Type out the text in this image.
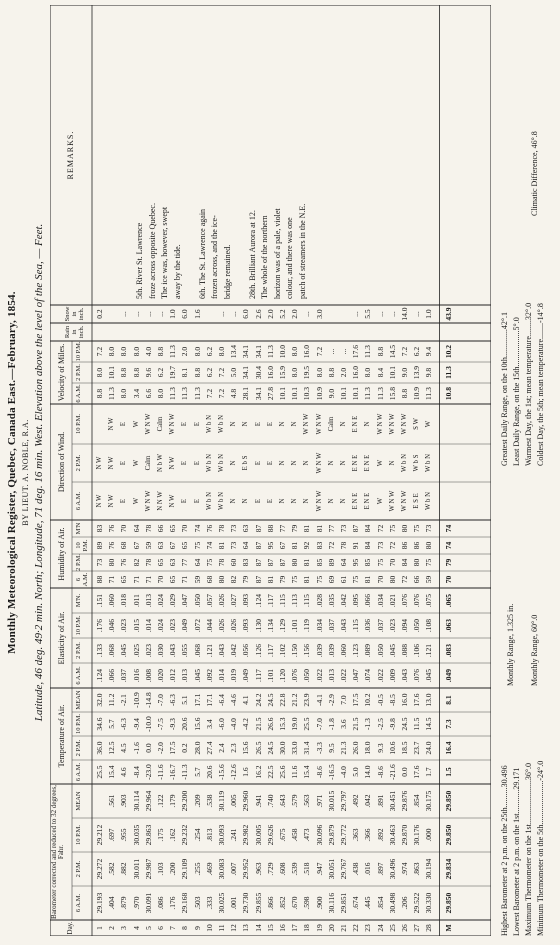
Monthly Meteorological Register, Quebec, Canada East.—February, 1854. BY LIEUT. A. NOBLE, R.A. Latitude, 46 deg. 49·2 min. North; Longitude, 71 deg. 16 min. West. Elevation above the level of the Sea, — Feet.
Barometer corrected and reduced to 32 degrees, Fahr.
Temperature of Air.
Elasticity of Air.
Humidity of Air.
Direction of Wind.
Velocity of Miles.
Day.
Rain in inch.
Snow in inch.
REMARKS.
6 A.M.
2 P.M.
10 P.M.
MEAN
6 A.M.
2 P.M.
10 P.M.
MEAN
6 A.M.
2 P.M.
10 P.M.
M'N.
6 A.M.
2 P.M.
10 P.M.
M'N
6 A.M.
2 P.M.
10 P.M.
6 A.M.
2 P.M.
10 P.M.
1
29.193
29.272
29.212
25.5
36.0
34.6
32.0
.124
.133
.176
.151
88
73
89
83
N W
N W
8.8
8.0
7.2
0.2
2
.404
.582
.697
.561
15.4
12.5
5.7
11.2
.066
.068
.046
.060
71
80
76
76
N W
N W
N W
11.3
10.1
8.0
3
.879
.882
.955
.903
4.6
4.5
-6.3
-2.1
.037
.045
.023
.018
65
76
68
70
E
E
E
8.0
8.8
8.0
...
4
.970
30.011
30.035
30.114
-8.4
-1.6
-9.4
-10.9
.016
.025
.015
.011
71
82
67
64
W
W
W
3.4
8.8
8.0
...
5
30.091
29.987
29.863
29.964
-23.0
0.0
-10.0
-14.8
.008
.023
.014
.013
71
78
59
78
W N W
Calm
W N W
6.6
9.6
4.0
...
6
.086
.103
.175
.122
-11.6
-2.0
-7.5
-7.0
.020
.030
.024
.024
70
65
63
66
N N W
N b W
Calm
8.0
6.2
8.8
...
7
.176
.200
.162
.179
-16.7
17.5
-9.3
-6.3
.012
.043
.023
.029
65
63
67
65
N W
N W
W N W
11.3
19.7
11.3
1.0
8
29.168
29.109
29.232
29.200
-11.3
0.2
20.6
5.1
.013
.055
.049
.047
71
77
65
70
E
E
E
11.3
8.1
2.0
6.0
9
.503
.255
.254
.209
5.7
28.0
15.6
17.1
.045
.068
.072
.050
59
64
75
74
E
E
E
11.3
8.8
8.0
1.6
10
.333
.469
.813
.538
20.6
27.4
3.4
17.1
.092
.121
.044
.057
68
75
74
76
W b N
W b N
W b N
7.2
6.2
6.2
11
30.025
30.083
30.093
30.119
-15.6
2.4
-6.0
-6.4
.014
.043
.026
.026
80
78
81
78
W b N
W b N
W b N
7.2
7.2
8.0
...
12
.001
.007
.241
.005
-12.6
2.3
-4.0
-4.6
.019
.042
.026
.027
82
60
73
73
N
N
N
4.8
5.0
13.4
...
13
29.730
29.952
29.982
29.960
1.6
15.6
-4.2
4.1
.049
.056
.093
.093
79
83
64
63
N
E b S
N
28.1
34.1
34.1
6.0
14
29.855
.963
30.005
.941
16.2
26.5
21.5
24.2
.117
.126
.130
.124
87
87
87
87
E
E
E
34.1
30.4
34.1
2.6
15
.866
.729
29.626
.740
22.5
24.5
26.6
24.5
.101
.117
.134
.117
81
87
95
88
E
E
E
27.8
16.0
11.3
2.0
16
.852
.608
.675
.643
25.6
30.0
15.3
22.8
.120
.102
.129
.115
79
87
67
77
N
N
N
10.1
15.9
10.0
5.2
17
.670
.539
.458
.579
11.6
33.0
19.0
21.2
.076
.150
.101
.113
75
80
81
79
N
N
N
10.1
8.0
8.0
2.0
18
.598
.518
.473
.563
15.4
31.4
25.5
23.9
.050
.156
.119
.115
81
81
92
81
N
N
W N W
10.3
19.5
16.0
...
19
.900
.947
30.096
.971
-8.6
-3.3
-7.0
-4.1
.022
.039
.034
.028
75
85
83
81
W N W
W N W
W N W
10.9
8.0
7.2
3.0
20
30.116
30.051
29.879
30.015
-16.5
9.5
-1.8
-2.9
.013
.039
.037
.035
69
89
72
77
N
N
Calm
9.0
8.8
...
21
29.851
29.767
29.772
29.797
-4.0
21.3
3.6
7.0
.022
.060
.043
.042
61
64
78
73
N
N
N
10.1
2.0
...
22
.674
.438
.363
.492
5.0
26.0
21.5
17.5
.047
.123
.115
.095
75
95
91
87
E N E
E N E
E N E
10.1
16.0
17.6
...
23
.445
.016
.366
.042
14.0
18.0
-1.3
10.2
.074
.089
.036
.066
81
85
84
84
E N E
E N E
N
11.3
8.0
11.3
5.5
24
.854
.897
.892
.891
-8.6
9.3
-2.5
-0.5
.022
.050
.037
.034
70
75
73
72
W
W
W N W
11.3
8.4
8.8
...
25
30.498
30.496
30.463
30.451
-21.6
10.6
-9.8
-8.5
.009
.045
.023
.021
80
70
72
75
W N W
N
W N W
15.8
10.1
14.5
...
26
.206
.974
29.870
29.876
0.0
18.5
24.5
16.0
.043
.088
.094
.076
72
84
86
80
W N W
W b N
W N W
8.8
9.0
7.2
14.0
27
29.522
.863
30.176
.854
17.6
23.7
11.5
17.6
.076
.106
.050
.076
66
80
86
75
E S E
W b S
S W
10.9
13.9
6.2
...
28
30.330
30.194
.000
30.175
1.7
24.0
14.5
13.0
.045
.121
.108
.075
59
75
80
73
W b N
W b N
W
11.3
9.8
9.4
1.0
M
29.850
29.834
29.850
29.850
1.5
16.4
7.3
8.1
.049
.083
.063
.065
70
79
74
74
10.8
11.3
10.2
43.9
5th. River St. Lawrence froze across opposite Quebec. The ice was, however, swept away by the tide. 6th. The St. Lawrence again frozen across, and the ice- bridge remained. 28th. Brilliant Aurora at 12. The whole of the northern horizon was of a pale, violet colour, and there was one patch of streamers in the N.E.
Highest Barometer at 2 p.m. on the 25th..........30.496 Lowest Barometer at 2 p.m. on the 1st............29.171 Maximum Thermometer on the 1st......................36°.0 Minimum Thermometer on the 5th......................-24°.0
Monthly Range, 1.325 in. Monthly Range, 60°.0
Greatest Daily Range, on the 10th..............42°.1 Least Daily Range, on the 15th..................5°.0 Warmest Day, the 1st; mean temperature........32°.0 Coldest Day, the 5th; mean temperature........-14°.8
Climatic Difference, 46°.8
